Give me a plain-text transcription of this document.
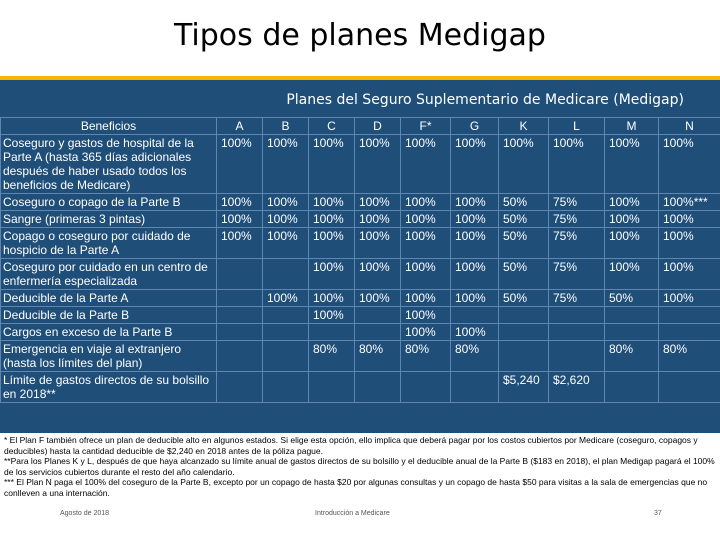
Tipos de planes Medigap
Planes del Seguro Suplementario de Medicare (Medigap)
Beneficios	A	B	C	D	F*	G	K	L	M	N
Coseguro y gastos de hospital de la Parte A (hasta 365 días adicionales después de haber usado todos los beneficios de Medicare)	100%	100%	100%	100%	100%	100%	100%	100%	100%	100%
Coseguro o copago de la Parte B	100%	100%	100%	100%	100%	100%	50%	75%	100%	100%***
Sangre (primeras 3 pintas)	100%	100%	100%	100%	100%	100%	50%	75%	100%	100%
Copago o coseguro por cuidado de hospicio de la Parte A	100%	100%	100%	100%	100%	100%	50%	75%	100%	100%
Coseguro por cuidado en un centro de enfermería especializada			100%	100%	100%	100%	50%	75%	100%	100%
Deducible de la Parte A		100%	100%	100%	100%	100%	50%	75%	50%	100%
Deducible de la Parte B			100%		100%					
Cargos en exceso de la Parte B					100%	100%				
Emergencia en viaje al extranjero (hasta los límites del plan)			80%	80%	80%	80%			80%	80%
Límite de gastos directos de su bolsillo en 2018**							$5,240	$2,620		
* El Plan F también ofrece un plan de deducible alto en algunos estados. Si elige esta opción, ello implica que deberá pagar por los costos cubiertos por Medicare (coseguro, copagos y deducibles) hasta la cantidad deducible de $2,240 en 2018 antes de la póliza pague.
**Para los Planes K y L, después de que haya alcanzado su límite anual de gastos directos de su bolsillo y el deducible anual de la Parte B ($183 en 2018), el plan Medigap pagará el 100% de los servicios cubiertos durante el resto del año calendario.
*** El Plan N paga el 100% del coseguro de la Parte B, excepto por un copago de hasta $20 por algunas consultas y un copago de hasta $50 para visitas a la sala de emergencias que no conlleven a una internación.
Agosto de 2018	Introducción a Medicare	37
